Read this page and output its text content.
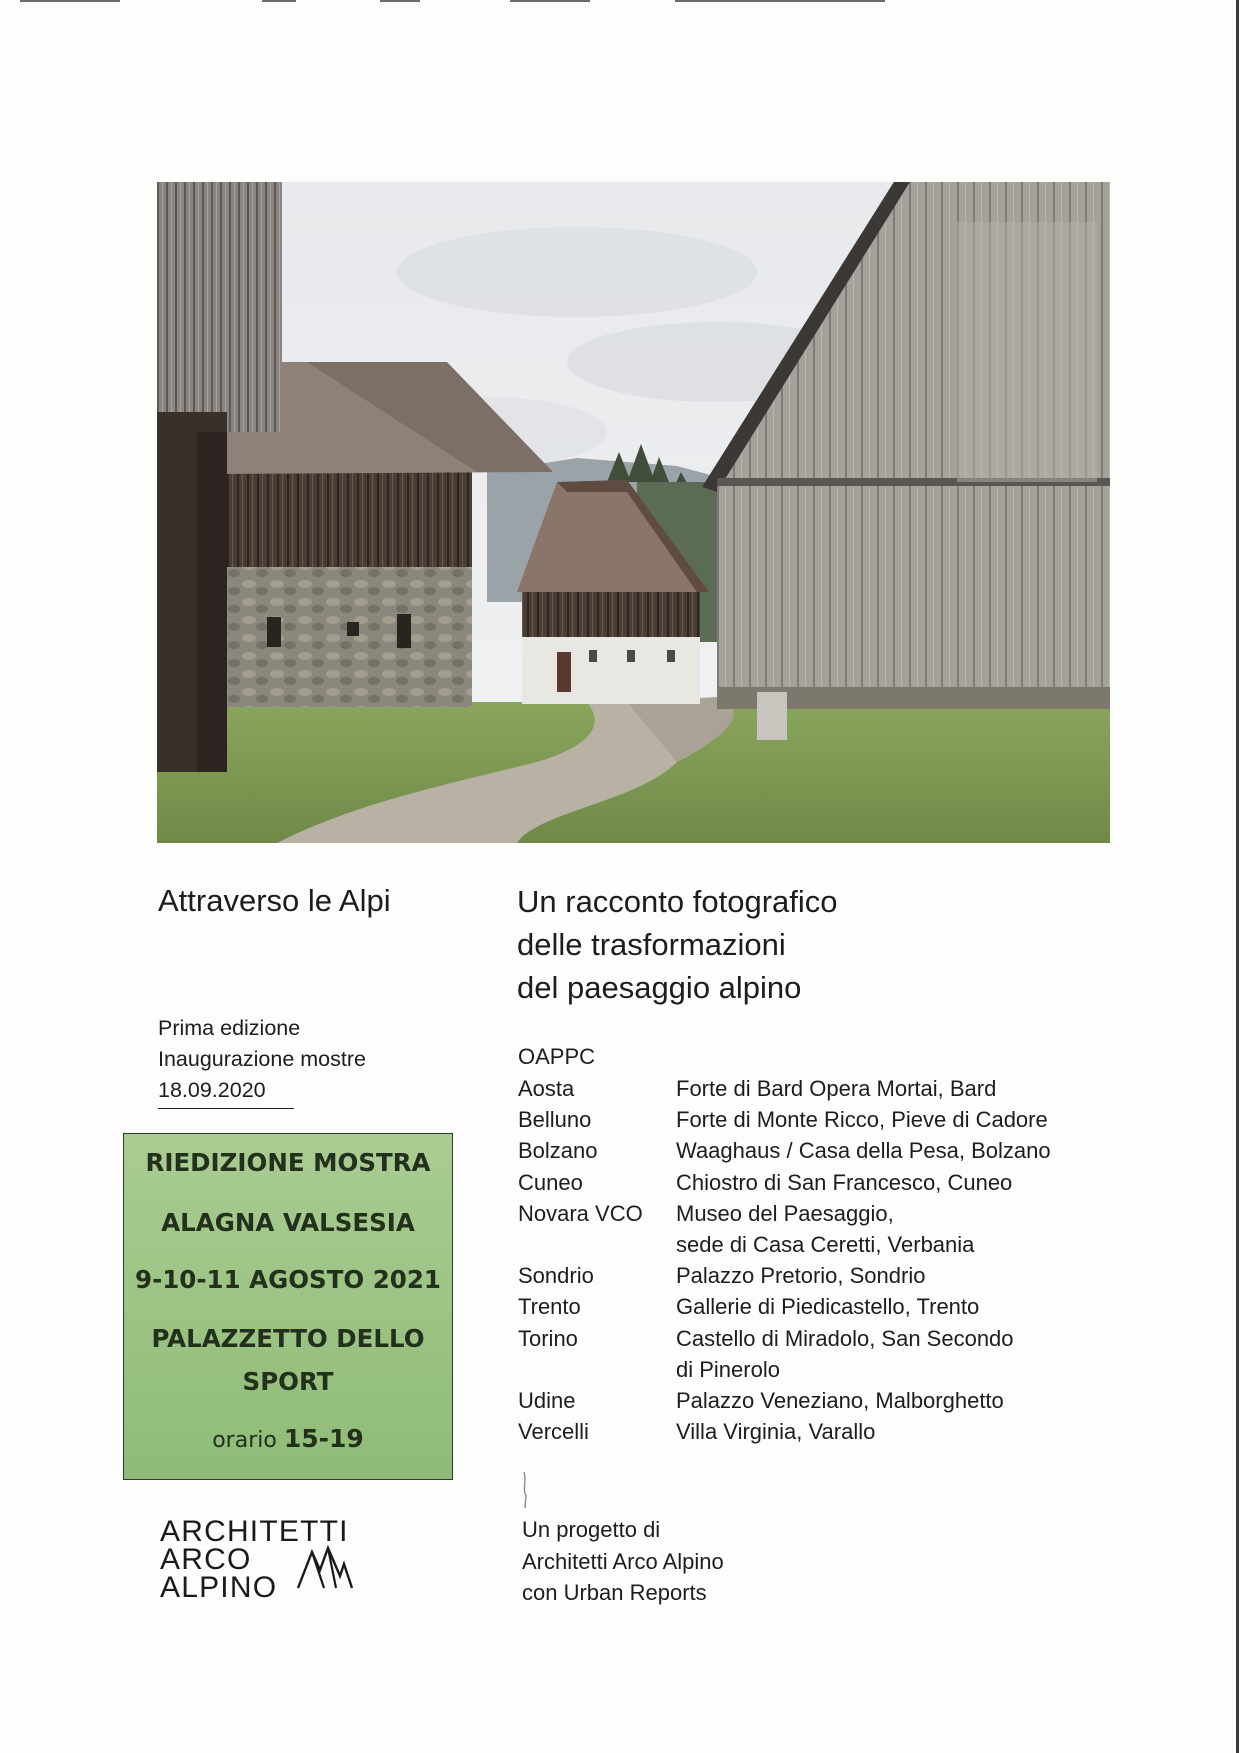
Attraverso le Alpi
Prima edizione
Inaugurazione mostre
18.09.2020
RIEDIZIONE MOSTRA
ALAGNA VALSESIA
9-10-11 AGOSTO 2021
PALAZZETTO DELLO
SPORT
orario 15-19
ARCHITETTI
ARCO
ALPINO
Un racconto fotografico
delle trasformazioni
del paesaggio alpino
OAPPC
Aosta	Forte di Bard Opera Mortai, Bard
Belluno	Forte di Monte Ricco, Pieve di Cadore
Bolzano	Waaghaus / Casa della Pesa, Bolzano
Cuneo	Chiostro di San Francesco, Cuneo
Novara VCO	Museo del Paesaggio,
sede di Casa Ceretti, Verbania
Sondrio	Palazzo Pretorio, Sondrio
Trento	Gallerie di Piedicastello, Trento
Torino	Castello di Miradolo, San Secondo
di Pinerolo
Udine	Palazzo Veneziano, Malborghetto
Vercelli	Villa Virginia, Varallo
Un progetto di
Architetti Arco Alpino
con Urban Reports
